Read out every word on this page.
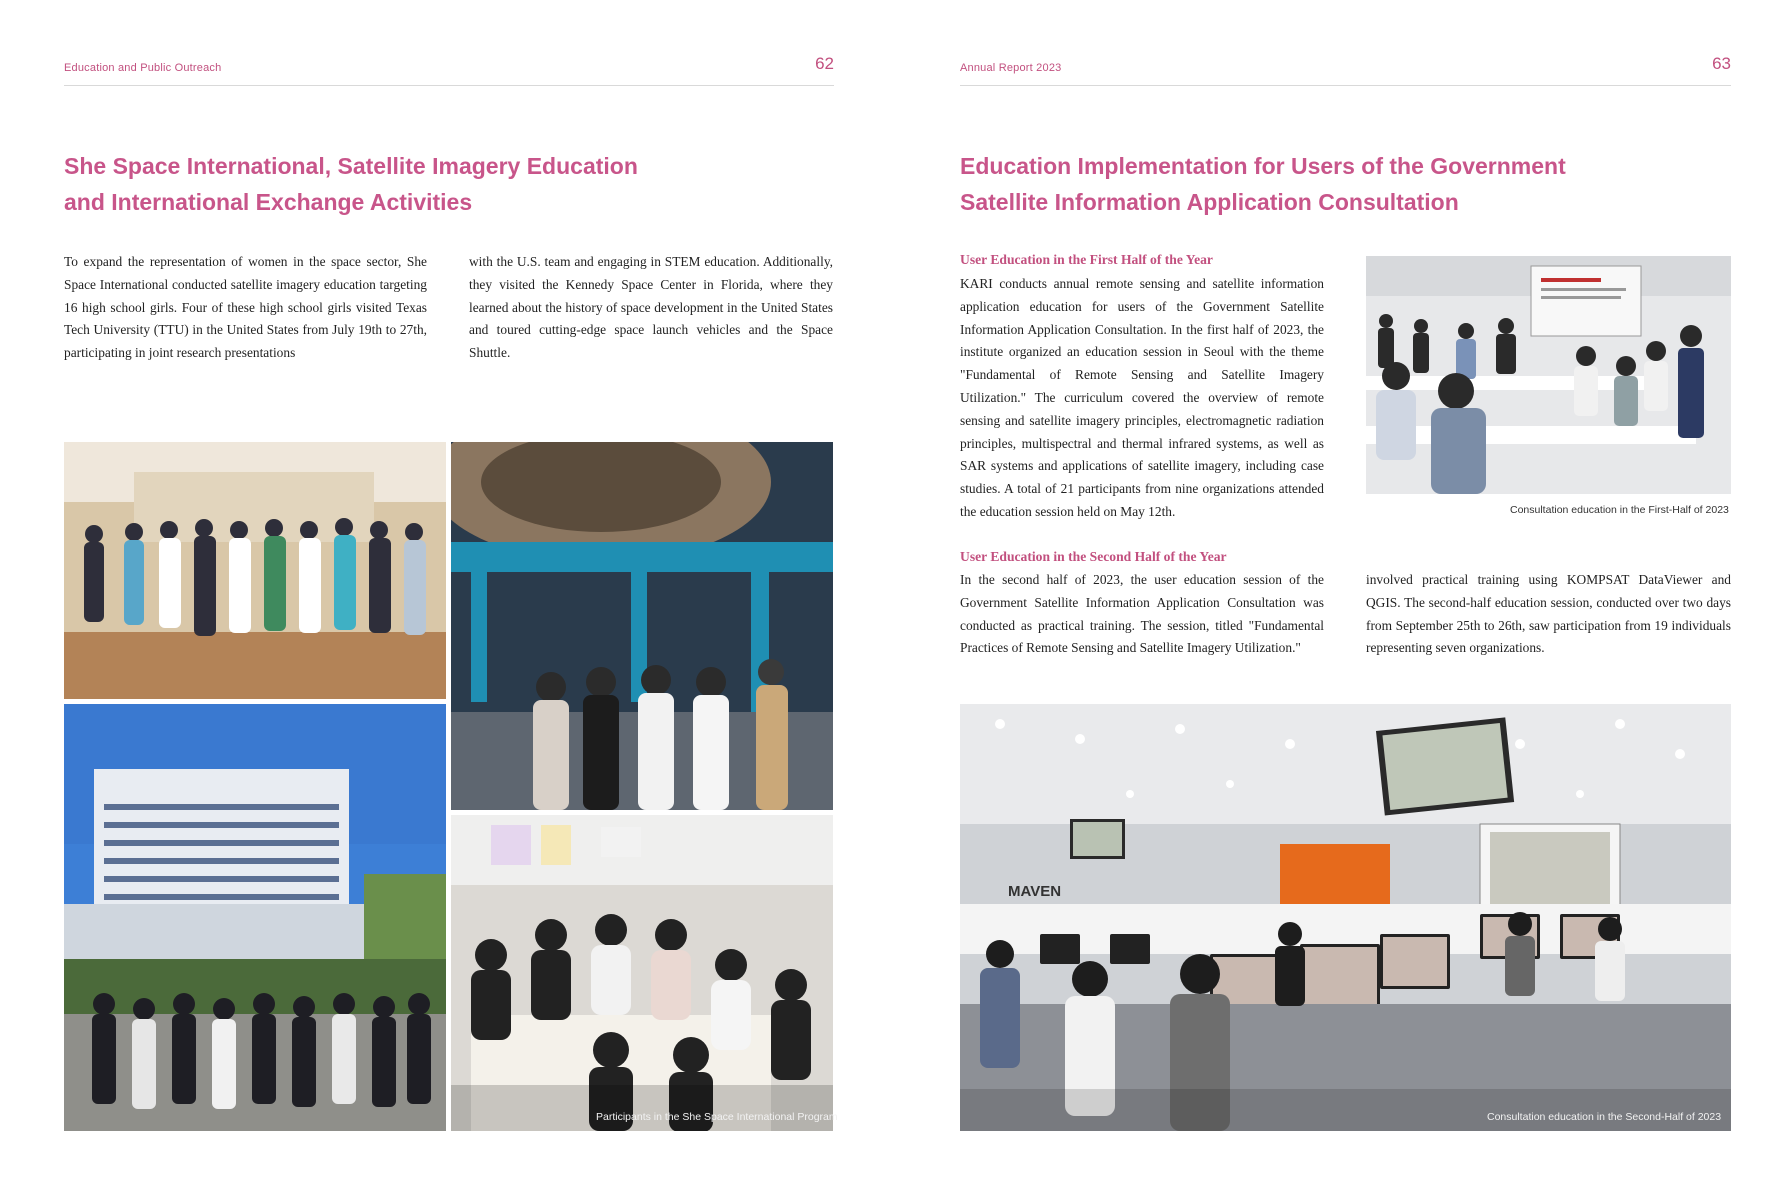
Education and Public Outreach	62
She Space International, Satellite Imagery Education
and International Exchange Activities

To expand the representation of women in the space sector, She Space International conducted satellite imagery education targeting 16 high school girls. Four of these high school girls visited Texas Tech University (TTU) in the United States from July 19th to 27th, participating in joint research presentations

with the U.S. team and engaging in STEM education. Additionally, they visited the Kennedy Space Center in Florida, where they learned about the history of space development in the United States and toured cutting-edge space launch vehicles and the Space Shuttle.

Participants in the She Space International Program
Annual Report 2023	63
Education Implementation for Users of the Government
Satellite Information Application Consultation
User Education in the First Half of the Year

KARI conducts annual remote sensing and satellite information application education for users of the Government Satellite Information Application Consultation. In the first half of 2023, the institute organized an education session in Seoul with the theme "Fundamental of Remote Sensing and Satellite Imagery Utilization." The curriculum covered the overview of remote sensing and satellite imagery principles, electromagnetic radiation principles, multispectral and thermal infrared systems, as well as SAR systems and applications of satellite imagery, including case studies. A total of 21 participants from nine organizations attended the education session held on May 12th.	Consultation education in the First-Half of 2023
User Education in the Second Half of the Year

In the second half of 2023, the user education session of the Government Satellite Information Application Consultation was conducted as practical training. The session, titled "Fundamental Practices of Remote Sensing and Satellite Imagery Utilization."

involved practical training using KOMPSAT DataViewer and QGIS. The second-half education session, conducted over two days from September 25th to 26th, saw participation from 19 individuals representing seven organizations.

MAVEN
Consultation education in the Second-Half of 2023
